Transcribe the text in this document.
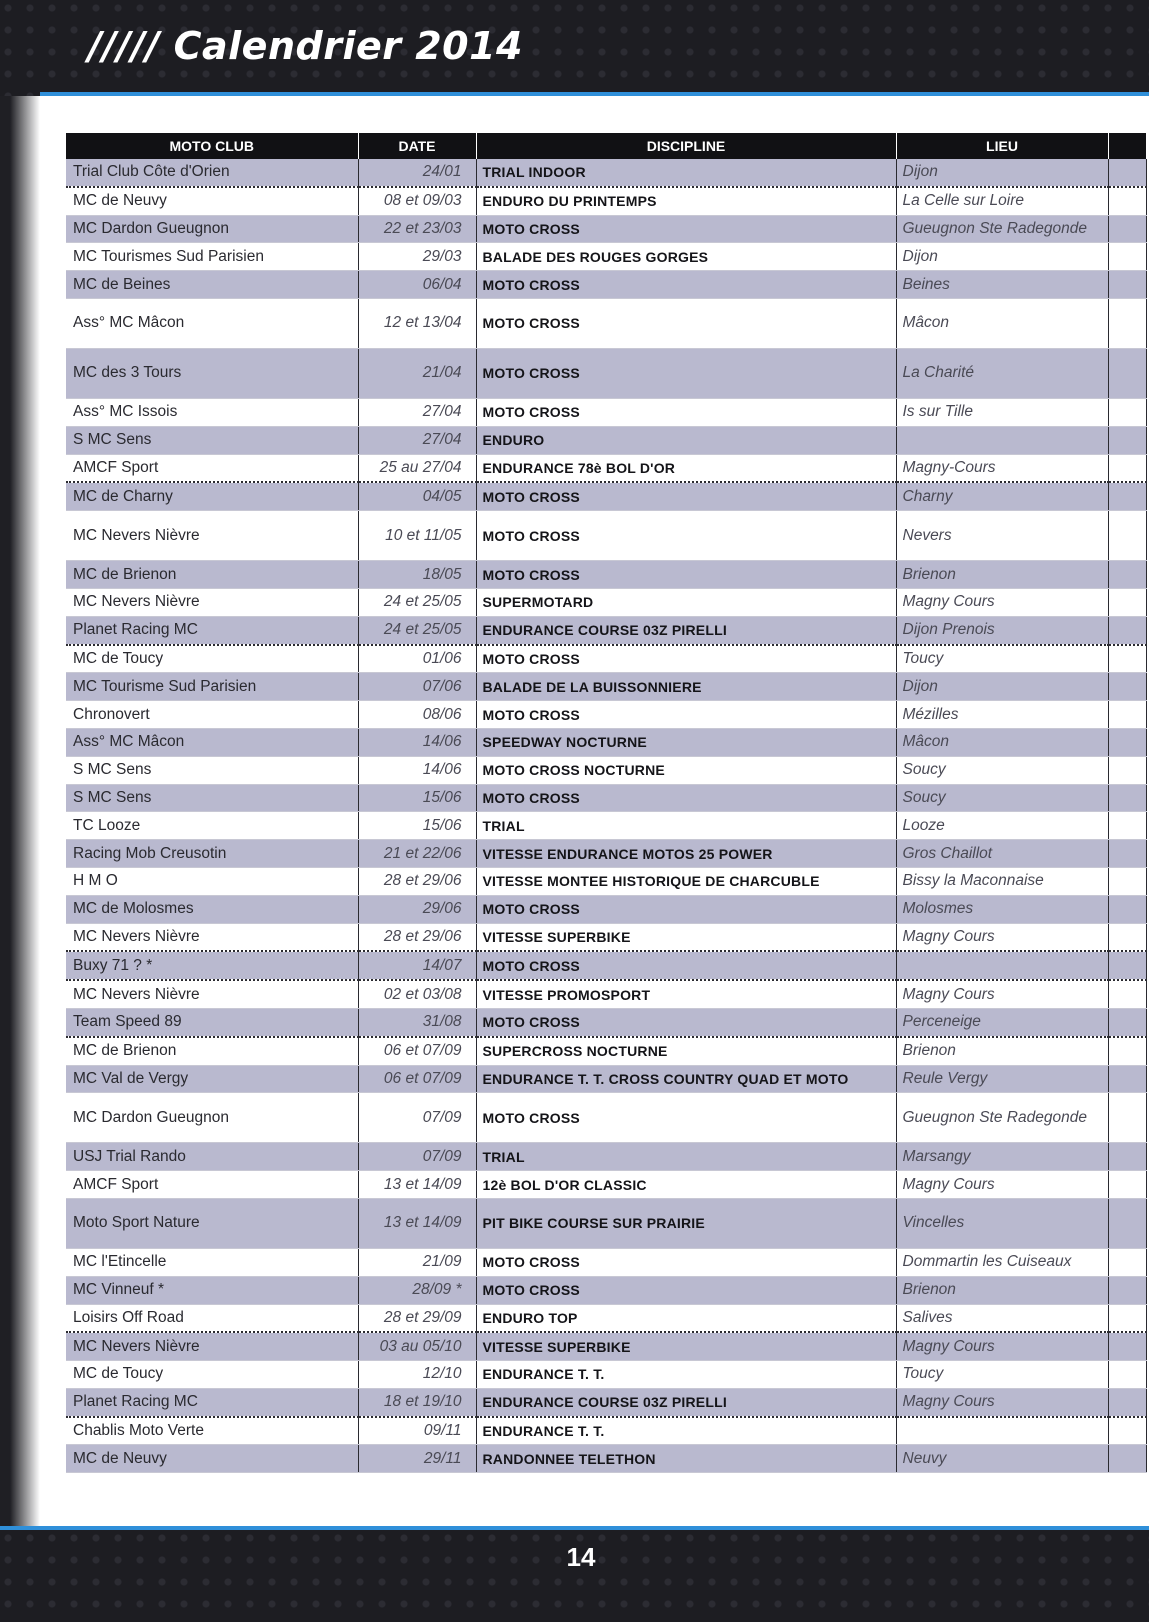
///// Calendrier 2014
MOTO CLUB	DATE	DISCIPLINE	LIEU	
Trial Club Côte d'Orien	24/01	TRIAL INDOOR	Dijon	
MC de Neuvy	08 et 09/03	ENDURO DU PRINTEMPS	La Celle sur Loire	
MC Dardon Gueugnon	22 et 23/03	MOTO CROSS	Gueugnon Ste Radegonde	
MC Tourismes Sud Parisien	29/03	BALADE DES ROUGES GORGES	Dijon	
MC de Beines	06/04	MOTO CROSS	Beines	
Ass° MC Mâcon	12 et 13/04	MOTO CROSS	Mâcon	
MC des 3 Tours	21/04	MOTO CROSS	La Charité	
Ass° MC Issois	27/04	MOTO CROSS	Is sur Tille	
S MC Sens	27/04	ENDURO		
AMCF Sport	25 au 27/04	ENDURANCE 78è BOL D'OR	Magny-Cours	
MC de Charny	04/05	MOTO CROSS	Charny	
MC Nevers Nièvre	10 et 11/05	MOTO CROSS	Nevers	
MC de Brienon	18/05	MOTO CROSS	Brienon	
MC Nevers Nièvre	24 et 25/05	SUPERMOTARD	Magny Cours	
Planet Racing MC	24 et 25/05	ENDURANCE COURSE 03Z PIRELLI	Dijon Prenois	
MC de Toucy	01/06	MOTO CROSS	Toucy	
MC Tourisme Sud Parisien	07/06	BALADE DE LA BUISSONNIERE	Dijon	
Chronovert	08/06	MOTO CROSS	Mézilles	
Ass° MC Mâcon	14/06	SPEEDWAY NOCTURNE	Mâcon	
S MC Sens	14/06	MOTO CROSS NOCTURNE	Soucy	
S MC Sens	15/06	MOTO CROSS	Soucy	
TC Looze	15/06	TRIAL	Looze	
Racing Mob Creusotin	21 et 22/06	VITESSE ENDURANCE MOTOS 25 POWER	Gros Chaillot	
H M O	28 et 29/06	VITESSE MONTEE HISTORIQUE DE CHARCUBLE	Bissy la Maconnaise	
MC de Molosmes	29/06	MOTO CROSS	Molosmes	
MC Nevers Nièvre	28 et 29/06	VITESSE SUPERBIKE	Magny Cours	
Buxy 71 ? *	14/07	MOTO CROSS		
MC Nevers Nièvre	02 et 03/08	VITESSE PROMOSPORT	Magny Cours	
Team Speed 89	31/08	MOTO CROSS	Perceneige	
MC de Brienon	06 et 07/09	SUPERCROSS NOCTURNE	Brienon	
MC Val de Vergy	06 et 07/09	ENDURANCE T. T. CROSS COUNTRY QUAD ET MOTO	Reule Vergy	
MC Dardon Gueugnon	07/09	MOTO CROSS	Gueugnon Ste Radegonde	
USJ Trial Rando	07/09	TRIAL	Marsangy	
AMCF Sport	13 et 14/09	12è BOL D'OR CLASSIC	Magny Cours	
Moto Sport Nature	13 et 14/09	PIT BIKE COURSE SUR PRAIRIE	Vincelles	
MC l'Etincelle	21/09	MOTO CROSS	Dommartin les Cuiseaux	
MC Vinneuf *	28/09 *	MOTO CROSS	Brienon	
Loisirs Off Road	28 et 29/09	ENDURO TOP	Salives	
MC Nevers Nièvre	03 au 05/10	VITESSE SUPERBIKE	Magny Cours	
MC de Toucy	12/10	ENDURANCE T. T.	Toucy	
Planet Racing MC	18 et 19/10	ENDURANCE COURSE 03Z PIRELLI	Magny Cours	
Chablis Moto Verte	09/11	ENDURANCE T. T.		
MC de Neuvy	29/11	RANDONNEE TELETHON	Neuvy	
14
